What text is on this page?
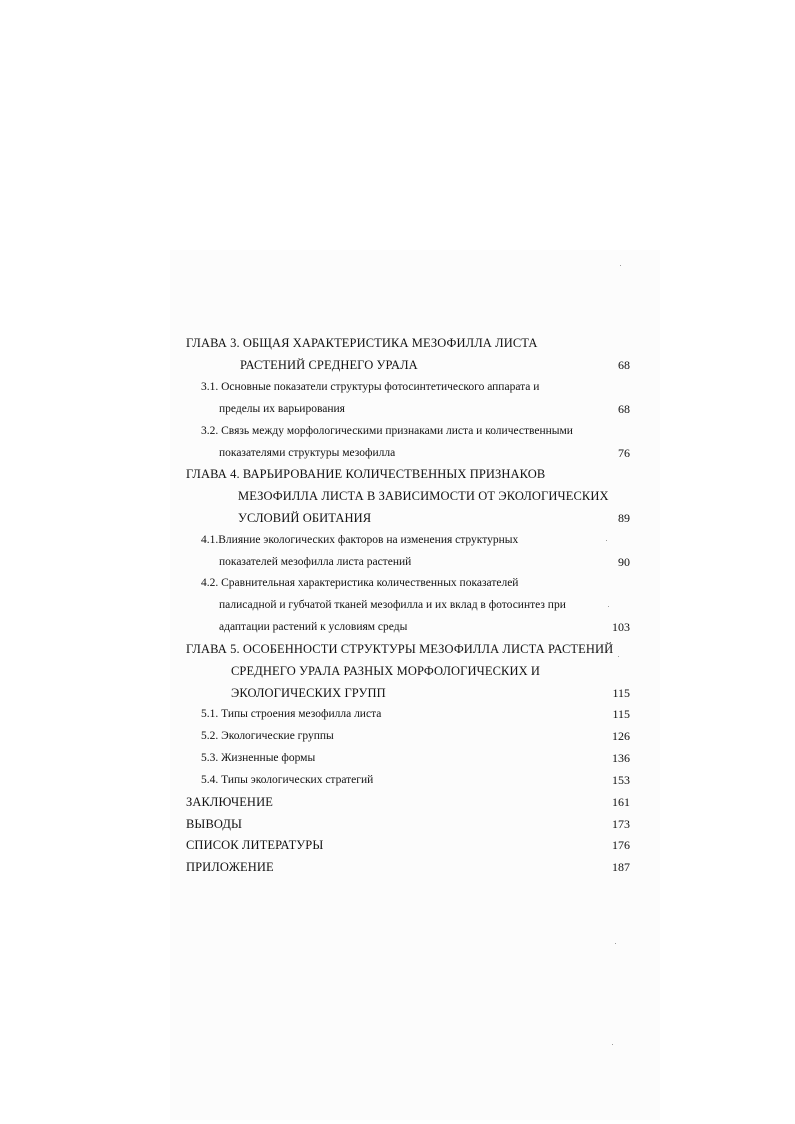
ГЛАВА 3. ОБЩАЯ ХАРАКТЕРИСТИКА МЕЗОФИЛЛА ЛИСТА
РАСТЕНИЙ СРЕДНЕГО УРАЛА	68
3.1. Основные показатели структуры фотосинтетического аппарата и
пределы их варьирования	68
3.2. Связь между морфологическими признаками листа и количественными
показателями структуры мезофилла	76
ГЛАВА 4. ВАРЬИРОВАНИЕ КОЛИЧЕСТВЕННЫХ ПРИЗНАКОВ
МЕЗОФИЛЛА ЛИСТА В ЗАВИСИМОСТИ ОТ ЭКОЛОГИЧЕСКИХ
УСЛОВИЙ ОБИТАНИЯ	89
4.1.Влияние экологических факторов на изменения структурных
показателей мезофилла листа растений	90
4.2. Сравнительная характеристика количественных показателей
палисадной и губчатой тканей мезофилла и их вклад в фотосинтез при
адаптации растений к условиям среды	103
ГЛАВА 5. ОСОБЕННОСТИ СТРУКТУРЫ МЕЗОФИЛЛА ЛИСТА РАСТЕНИЙ
СРЕДНЕГО УРАЛА РАЗНЫХ МОРФОЛОГИЧЕСКИХ И
ЭКОЛОГИЧЕСКИХ ГРУПП	115
5.1. Типы строения мезофилла листа	115
5.2. Экологические группы	126
5.3. Жизненные формы	136
5.4. Типы экологических стратегий	153
ЗАКЛЮЧЕНИЕ	161
ВЫВОДЫ	173
СПИСОК ЛИТЕРАТУРЫ	176
ПРИЛОЖЕНИЕ	187
